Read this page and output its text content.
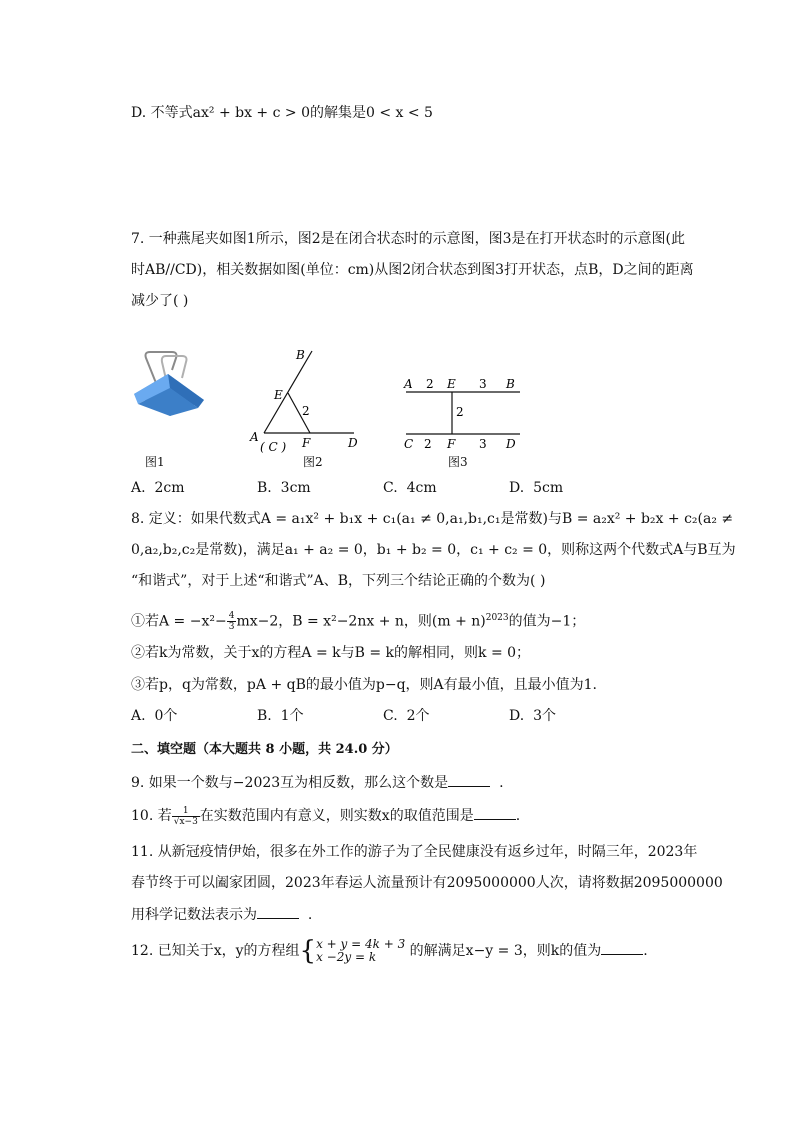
D. 不等式ax² + bx + c > 0的解集是0 < x < 5
7. 一种燕尾夹如图1所示，图2是在闭合状态时的示意图，图3是在打开状态时的示意图(此
时AB//CD)，相关数据如图(单位：cm)从图2闭合状态到图3打开状态，点B，D之间的距离
减少了( )
图1
B
E
2
A
( C ) F	D
图2
A 2 E 3 B
2
C 2 F 3 D
图3
A. 2cm	B. 3cm	C. 4cm	D. 5cm
8. 定义：如果代数式A = a₁x² + b₁x + c₁(a₁ ≠ 0,a₁,b₁,c₁是常数)与B = a₂x² + b₂x + c₂(a₂ ≠
0,a₂,b₂,c₂是常数)，满足a₁ + a₂ = 0，b₁ + b₂ = 0，c₁ + c₂ = 0，则称这两个代数式A与B互为
“和谐式”，对于上述“和谐式”A、B，下列三个结论正确的个数为( )
①若$A = -x^2- \frac{4}{3} mx-2$，B = x²−2nx + n，则$(m + n)^{2023}$的值为−1；
②若k为常数，关于x的方程A = k与B = k的解相同，则k = 0；
③若p，q为常数，pA + qB的最小值为p−q，则A有最小值，且最小值为1.
A. 0个	B. 1个	C. 2个	D. 3个
二、填空题（本大题共 8 小题，共 24.0 分）
9. 如果一个数与−2023互为相反数，那么这个数是	.
10. 若 $\frac{1}{√x-3}$ 在实数范围内有意义，则实数x的取值范围是	.
11. 从新冠疫情伊始，很多在外工作的游子为了全民健康没有返乡过年，时隔三年，2023年
春节终于可以阖家团圆，2023年春运人流量预计有2095000000人次，请将数据2095000000
用科学记数法表示为	.
12. 已知关于x，y的方程组{ x + y = 4k + 3
x −2y = k	的解满足x−y = 3，则k的值为	.
